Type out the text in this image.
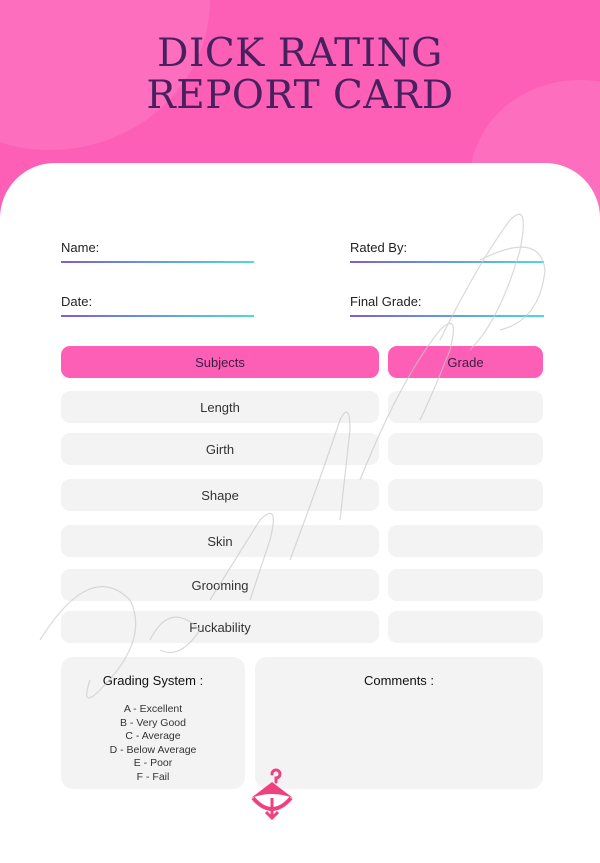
DICK RATING
REPORT CARD
Name:	Rated By:
Date:	Final Grade:
Subjects	Grade
Length
Girth
Shape
Skin
Grooming
Fuckability
Grading System :
A - Excellent
B - Very Good
C - Average
D - Below Average
E - Poor
F - Fail
Comments :
